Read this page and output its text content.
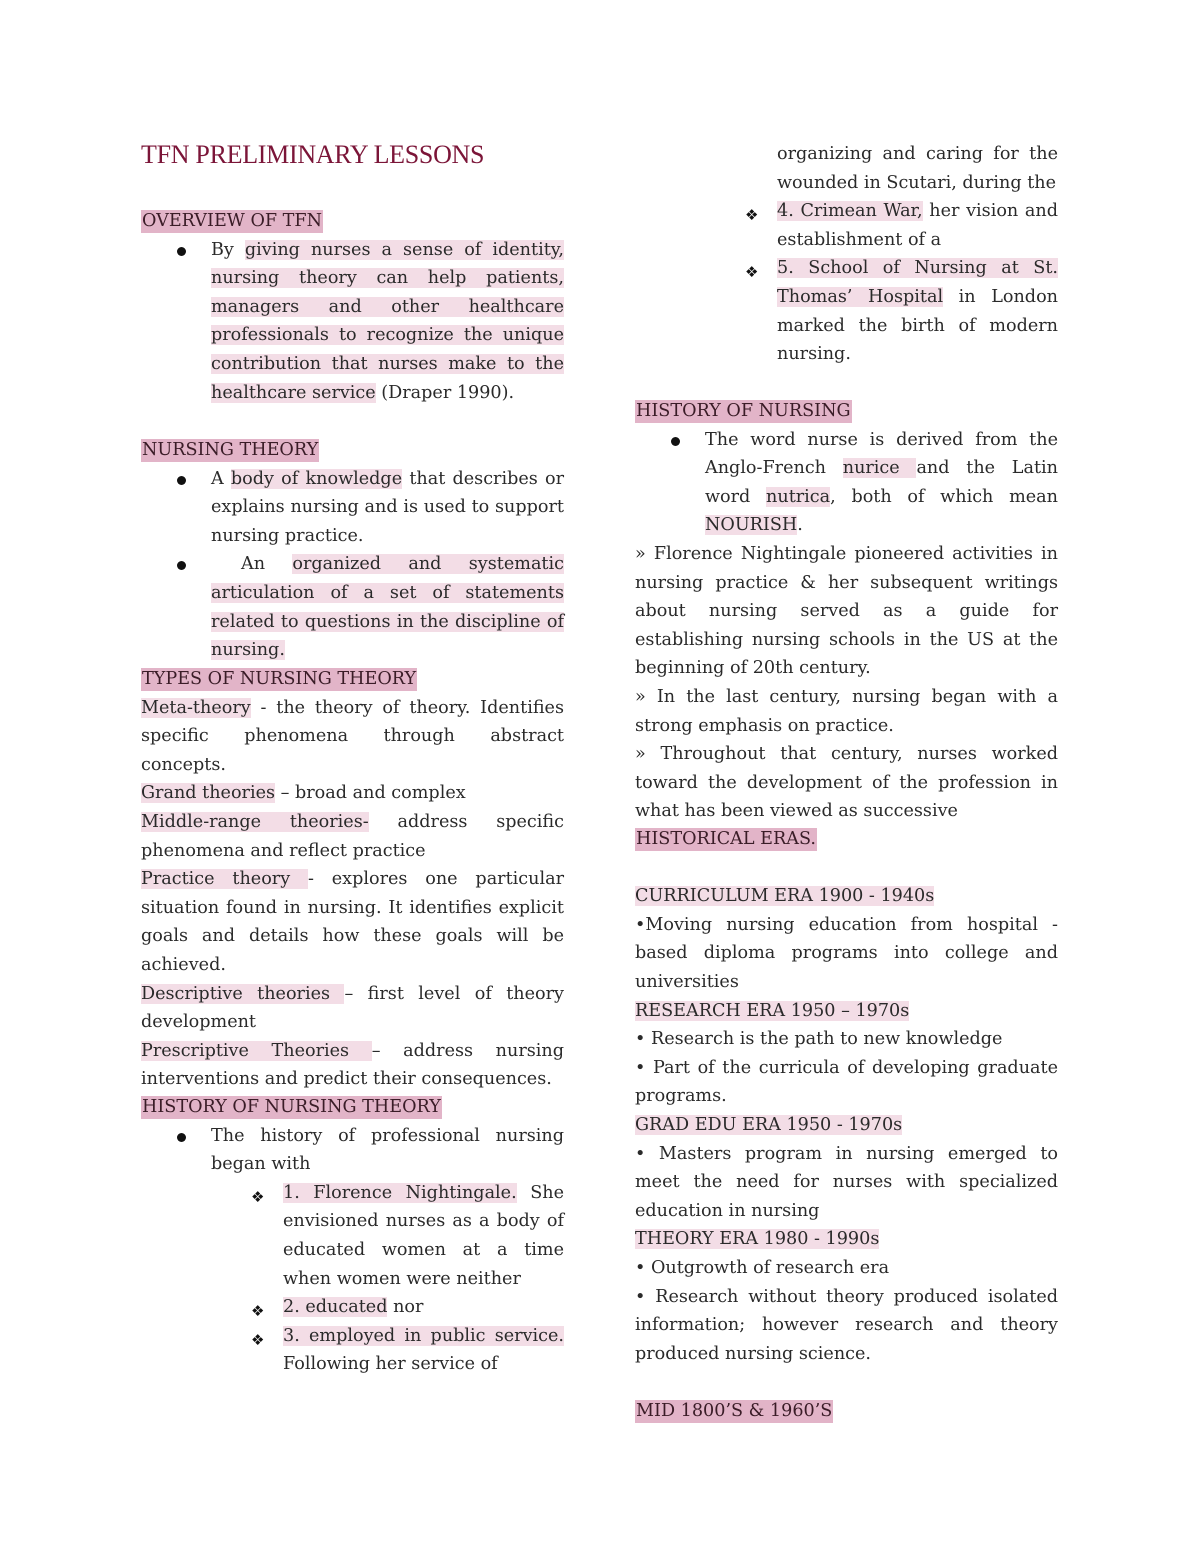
TFN PRELIMINARY LESSONS
OVERVIEW OF TFN
By giving nurses a sense of identity, nursing theory can help patients, managers and other healthcare professionals to recognize the unique contribution that nurses make to the healthcare service (Draper 1990).
NURSING THEORY
A body of knowledge that describes or explains nursing and is used to support nursing practice.
An organized and systematic articulation of a set of statements related to questions in the discipline of nursing.
TYPES OF NURSING THEORY
Meta-theory - the theory of theory. Identifies specific phenomena through abstract concepts.
Grand theories – broad and complex
Middle-range theories- address specific phenomena and reflect practice
Practice theory - explores one particular situation found in nursing. It identifies explicit goals and details how these goals will be achieved.
Descriptive theories – first level of theory development
Prescriptive Theories – address nursing interventions and predict their consequences.
HISTORY OF NURSING THEORY
The history of professional nursing began with
❖ 1. Florence Nightingale. She envisioned nurses as a body of educated women at a time when women were neither
❖ 2. educated nor
❖ 3. employed in public service. Following her service of
organizing and caring for the wounded in Scutari, during the
❖ 4. Crimean War, her vision and establishment of a
❖ 5. School of Nursing at St. Thomas’ Hospital in London marked the birth of modern nursing.
HISTORY OF NURSING
The word nurse is derived from the Anglo-French nurice and the Latin word nutrica, both of which mean NOURISH.
» Florence Nightingale pioneered activities in nursing practice & her subsequent writings about nursing served as a guide for establishing nursing schools in the US at the beginning of 20th century.
» In the last century, nursing began with a strong emphasis on practice.
» Throughout that century, nurses worked toward the development of the profession in what has been viewed as successive
HISTORICAL ERAS.
CURRICULUM ERA 1900 - 1940s
•Moving nursing education from hospital -based diploma programs into college and universities
RESEARCH ERA 1950 – 1970s
• Research is the path to new knowledge
• Part of the curricula of developing graduate programs.
GRAD EDU ERA 1950 - 1970s
• Masters program in nursing emerged to meet the need for nurses with specialized education in nursing
THEORY ERA 1980 - 1990s
• Outgrowth of research era
• Research without theory produced isolated information; however research and theory produced nursing science.
MID 1800’S & 1960’S
